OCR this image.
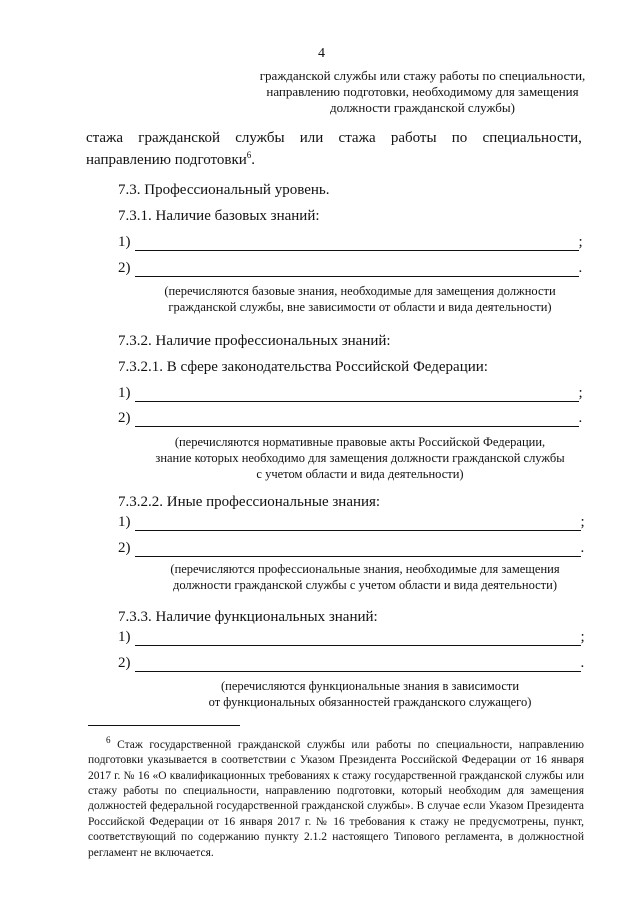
4
гражданской службы или стажу работы по специальности,
направлению подготовки, необходимому для замещения
должности гражданской службы)
стажа гражданской службы или стажа работы по специальности,
направлению подготовки$^6$.
7.3. Профессиональный уровень.
7.3.1. Наличие базовых знаний:
1)	;
2)	.
(перечисляются базовые знания, необходимые для замещения должности
гражданской службы, вне зависимости от области и вида деятельности)
7.3.2. Наличие профессиональных знаний:
7.3.2.1. В сфере законодательства Российской Федерации:
1)	;
2)	.
(перечисляются нормативные правовые акты Российской Федерации,
знание которых необходимо для замещения должности гражданской службы
с учетом области и вида деятельности)
7.3.2.2. Иные профессиональные знания:
1)	;
2)	.
(перечисляются профессиональные знания, необходимые для замещения
должности гражданской службы с учетом области и вида деятельности)
7.3.3. Наличие функциональных знаний:
1)	;
2)	.
(перечисляются функциональные знания в зависимости
от функциональных обязанностей гражданского служащего)

$^6$ Стаж государственной гражданской службы или работы по специальности, направлению подготовки указывается в соответствии с Указом Президента Российской Федерации от 16 января 2017 г. № 16 «О квалификационных требованиях к стажу государственной гражданской службы или стажу работы по специальности, направлению подготовки, который необходим для замещения должностей федеральной государственной гражданской службы». В случае если Указом Президента Российской Федерации от 16 января 2017 г. № 16 требования к стажу не предусмотрены, пункт, соответствующий по содержанию пункту 2.1.2 настоящего Типового регламента, в должностной регламент не включается.
